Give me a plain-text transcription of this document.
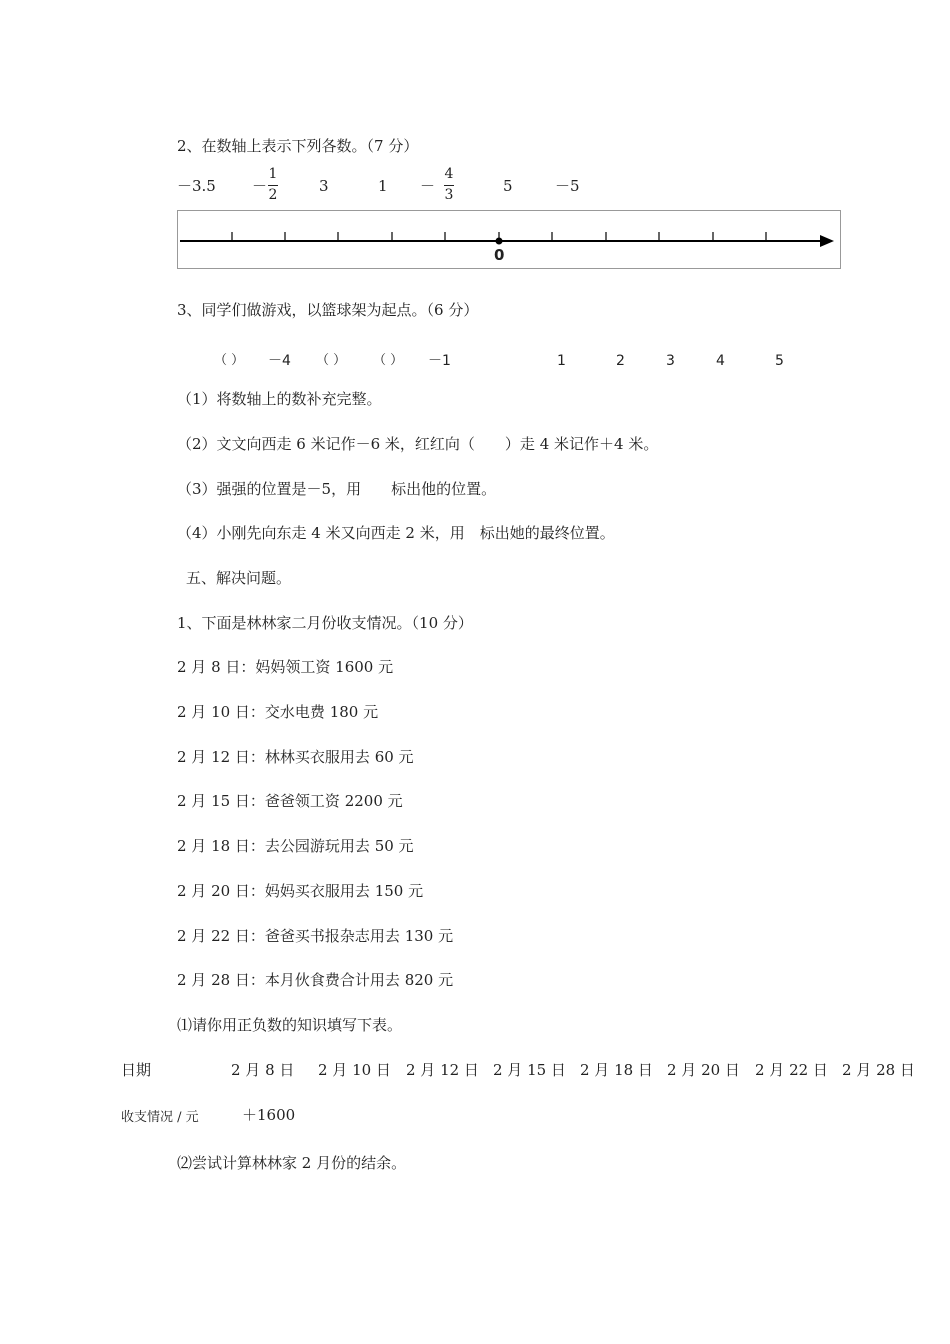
2、在数轴上表示下列各数。（7 分）
－3.5 －
1
2	3	1 －
4
3	5	－5
0
3、同学们做游戏，以篮球架为起点。（6 分）
（ ） －4 （ ） （ ） －1	1	2	3	4	5
（1）将数轴上的数补充完整。
（2）文文向西走 6 米记作－6 米，红红向（　　）走 4 米记作＋4 米。
（3）强强的位置是－5，用　　标出他的位置。
（4）小刚先向东走 4 米又向西走 2 米，用　标出她的最终位置。
五、解决问题。
1、下面是林林家二月份收支情况。（10 分）
2 月 8 日：妈妈领工资 1600 元
2 月 10 日：交水电费 180 元
2 月 12 日：林林买衣服用去 60 元
2 月 15 日：爸爸领工资 2200 元
2 月 18 日：去公园游玩用去 50 元
2 月 20 日：妈妈买衣服用去 150 元
2 月 22 日：爸爸买书报杂志用去 130 元
2 月 28 日：本月伙食费合计用去 820 元
⑴请你用正负数的知识填写下表。
日期	2 月 8 日 2 月 10 日 2 月 12 日 2 月 15 日 2 月 18 日 2 月 20 日 2 月 22 日 2 月 28 日
收支情况 / 元	＋1600
⑵尝试计算林林家 2 月份的结余。
